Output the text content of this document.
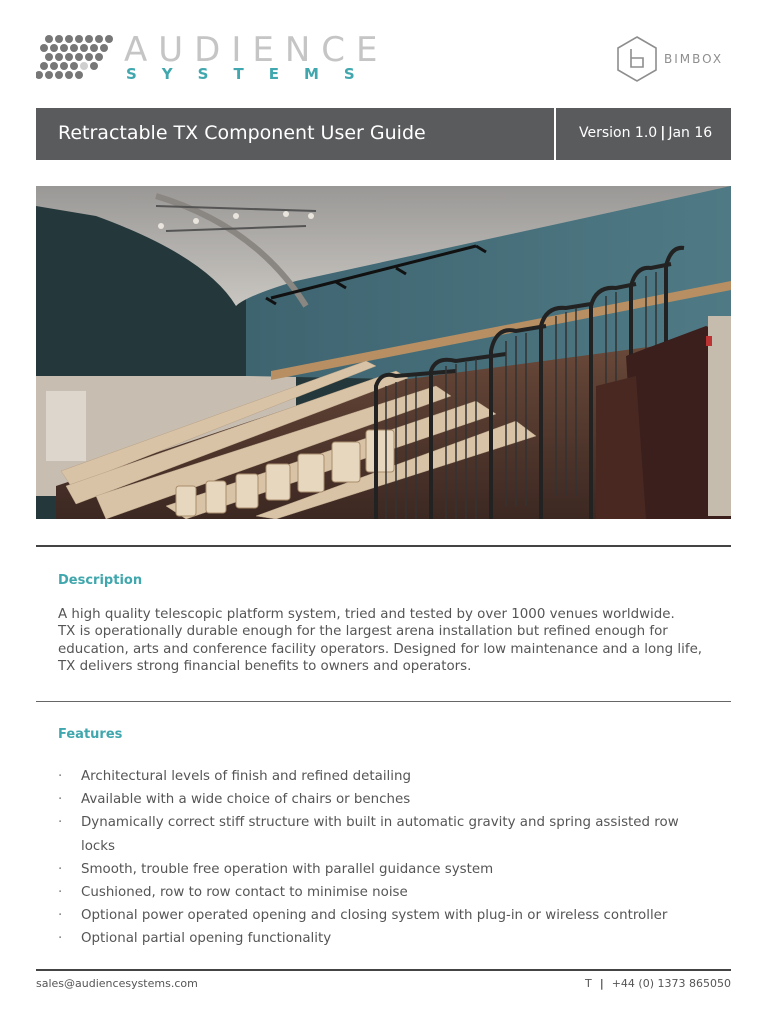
AUDIENCE
SYSTEMS
BIMBOX
Retractable TX Component User Guide	Version 1.0 | Jan 16
Description
A high quality telescopic platform system, tried and tested by over 1000 venues worldwide.
TX is operationally durable enough for the largest arena installation but refined enough for
education, arts and conference facility operators. Designed for low maintenance and a long life,
TX delivers strong financial benefits to owners and operators.
Features
· Architectural levels of finish and refined detailing
· Available with a wide choice of chairs or benches
· Dynamically correct stiff structure with built in automatic gravity and spring assisted row locks
· Smooth, trouble free operation with parallel guidance system
· Cushioned, row to row contact to minimise noise
· Optional power operated opening and closing system with plug-in or wireless controller
· Optional partial opening functionality
sales@audiencesystems.com	T | +44 (0) 1373 865050
